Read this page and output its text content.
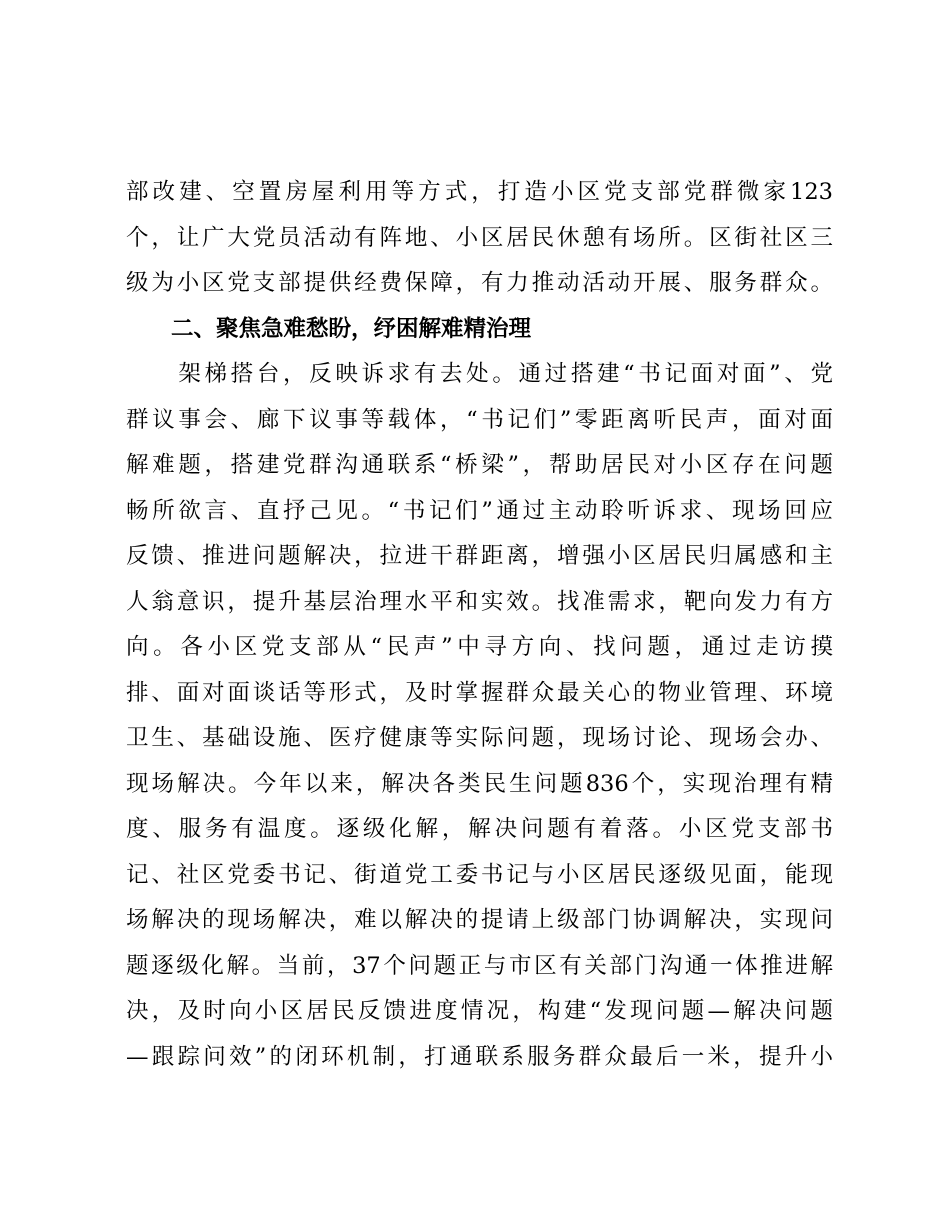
部改建、空置房屋利用等方式，打造小区党支部党群微家123
个，让广大党员活动有阵地、小区居民休憩有场所。区街社区三
级为小区党支部提供经费保障，有力推动活动开展、服务群众。
二、聚焦急难愁盼，纾困解难精治理
　　架梯搭台，反映诉求有去处。通过搭建“书记面对面”、党
群议事会、廊下议事等载体，“书记们”零距离听民声，面对面
解难题，搭建党群沟通联系“桥梁”，帮助居民对小区存在问题
畅所欲言、直抒己见。“书记们”通过主动聆听诉求、现场回应
反馈、推进问题解决，拉进干群距离，增强小区居民归属感和主
人翁意识，提升基层治理水平和实效。找准需求，靶向发力有方
向。各小区党支部从“民声”中寻方向、找问题，通过走访摸
排、面对面谈话等形式，及时掌握群众最关心的物业管理、环境
卫生、基础设施、医疗健康等实际问题，现场讨论、现场会办、
现场解决。今年以来，解决各类民生问题836个，实现治理有精
度、服务有温度。逐级化解，解决问题有着落。小区党支部书
记、社区党委书记、街道党工委书记与小区居民逐级见面，能现
场解决的现场解决，难以解决的提请上级部门协调解决，实现问
题逐级化解。当前，37个问题正与市区有关部门沟通一体推进解
决，及时向小区居民反馈进度情况，构建“发现问题—解决问题
—跟踪问效”的闭环机制，打通联系服务群众最后一米，提升小
